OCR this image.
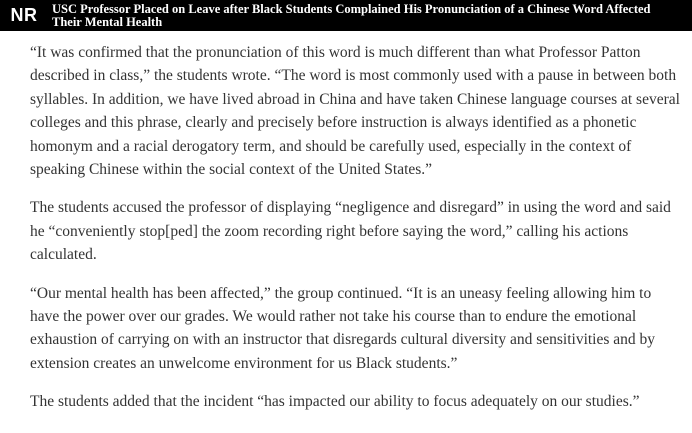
NR	USC Professor Placed on Leave after Black Students Complained His Pronunciation of a Chinese Word Affected Their Mental Health

“It was confirmed that the pronunciation of this word is much different than what Professor Patton described in class,” the students wrote. “The word is most commonly used with a pause in between both syllables. In addition, we have lived abroad in China and have taken Chinese language courses at several colleges and this phrase, clearly and precisely before instruction is always identified as a phonetic homonym and a racial derogatory term, and should be carefully used, especially in the context of speaking Chinese within the social context of the United States.”

The students accused the professor of displaying “negligence and disregard” in using the word and said he “conveniently stop[ped] the zoom recording right before saying the word,” calling his actions calculated.

“Our mental health has been affected,” the group continued. “It is an uneasy feeling allowing him to have the power over our grades. We would rather not take his course than to endure the emotional exhaustion of carrying on with an instructor that disregards cultural diversity and sensitivities and by extension creates an unwelcome environment for us Black students.”

The students added that the incident “has impacted our ability to focus adequately on our studies.”
